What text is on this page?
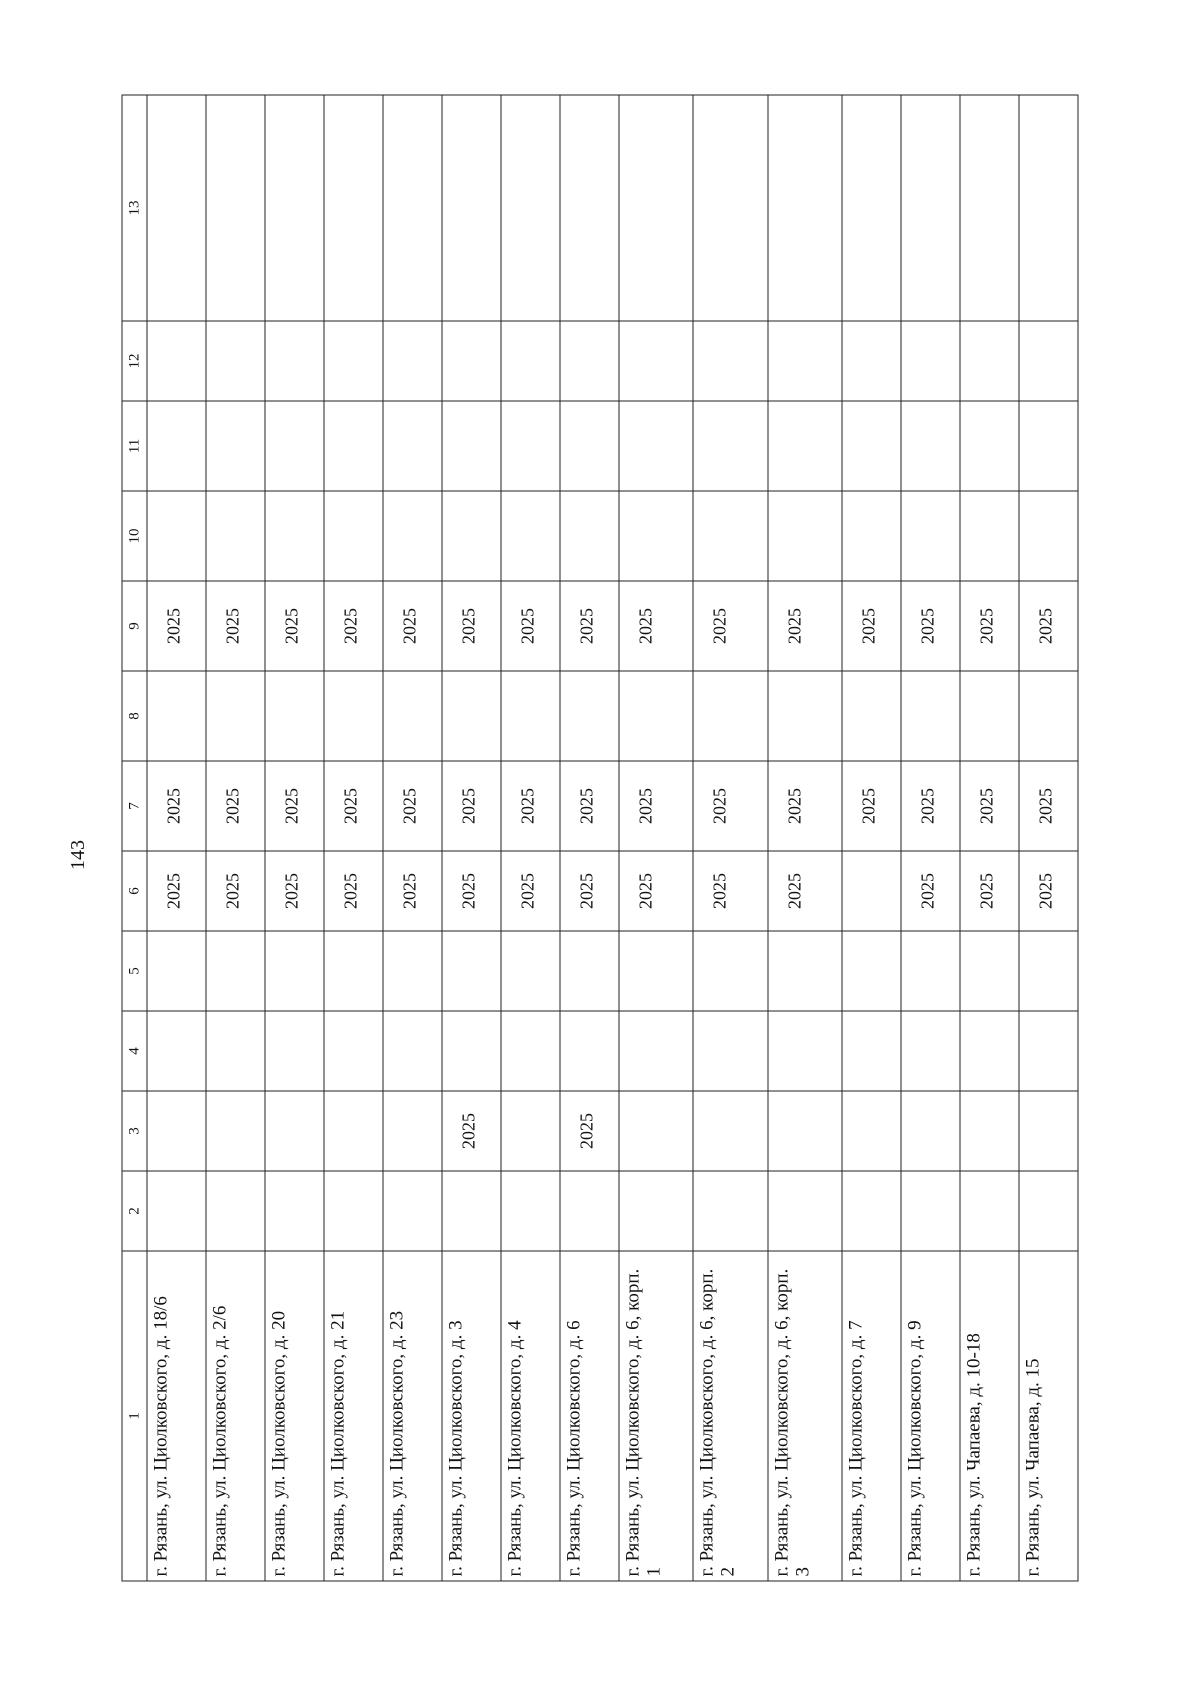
143
1	2	3	4	5	6	7	8	9	10	11	12	13
г. Рязань, ул. Циолковского, д. 18/6					2025	2025		2025				
г. Рязань, ул. Циолковского, д. 2/6					2025	2025		2025				
г. Рязань, ул. Циолковского, д. 20					2025	2025		2025				
г. Рязань, ул. Циолковского, д. 21					2025	2025		2025				
г. Рязань, ул. Циолковского, д. 23					2025	2025		2025				
г. Рязань, ул. Циолковского, д. 3		2025			2025	2025		2025				
г. Рязань, ул. Циолковского, д. 4					2025	2025		2025				
г. Рязань, ул. Циолковского, д. 6		2025			2025	2025		2025				
г. Рязань, ул. Циолковского, д. 6, корп. 1					2025	2025		2025				
г. Рязань, ул. Циолковского, д. 6, корп. 2					2025	2025		2025				
г. Рязань, ул. Циолковского, д. 6, корп. 3					2025	2025		2025				
г. Рязань, ул. Циолковского, д. 7						2025		2025				
г. Рязань, ул. Циолковского, д. 9					2025	2025		2025				
г. Рязань, ул. Чапаева, д. 10-18					2025	2025		2025				
г. Рязань, ул. Чапаева, д. 15					2025	2025		2025				
